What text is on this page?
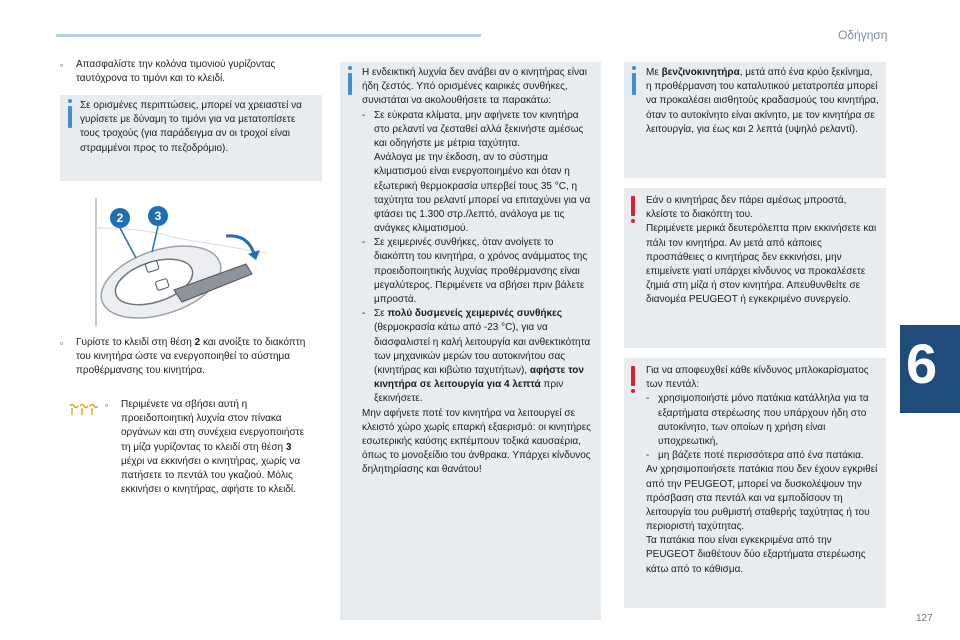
Οδήγηση
6
127
▫	Απασφαλίστε την κολόνα τιμονιού γυρίζοντας ταυτόχρονα το τιμόνι και το κλειδί.
Σε ορισμένες περιπτώσεις, μπορεί να χρειαστεί να γυρίσετε με δύναμη το τιμόνι για να μετατοπίσετε τους τροχούς (για παράδειγμα αν οι τροχοί είναι στραμμένοι προς το πεζοδρόμιο).
2	3
▫	Γυρίστε το κλειδί στη θέση 2 και ανοίξτε το διακόπτη του κινητήρα ώστε να ενεργοποιηθεί το σύστημα προθέρμανσης του κινητήρα.
▫	Περιμένετε να σβήσει αυτή η προειδοποιητική λυχνία στον πίνακα οργάνων και στη συνέχεια ενεργοποιήστε τη μίζα γυρίζοντας το κλειδί στη θέση 3 μέχρι να εκκινήσει ο κινητήρας, χωρίς να πατήσετε το πεντάλ του γκαζιού. Μόλις εκκινήσει ο κινητήρας, αφήστε το κλειδί.
Η ενδεικτική λυχνία δεν ανάβει αν ο κινητήρας είναι ήδη ζεστός. Υπό ορισμένες καιρικές συνθήκες, συνιστάται να ακολουθήσετε τα παρακάτω:
- Σε εύκρατα κλίματα, μην αφήνετε τον κινητήρα στο ρελαντί να ζεσταθεί αλλά ξεκινήστε αμέσως και οδηγήστε με μέτρια ταχύτητα.
Ανάλογα με την έκδοση, αν το σύστημα κλιματισμού είναι ενεργοποιημένο και όταν η εξωτερική θερμοκρασία υπερβεί τους 35 °C, η ταχύτητα του ρελαντί μπορεί να επιταχύνει για να φτάσει τις 1.300 στρ./λεπτό, ανάλογα με τις ανάγκες κλιματισμού.
- Σε χειμερινές συνθήκες, όταν ανοίγετε το διακόπτη του κινητήρα, ο χρόνος ανάμματος της προειδοποιητικής λυχνίας προθέρμανσης είναι μεγαλύτερος. Περιμένετε να σβήσει πριν βάλετε μπροστά.
- Σε πολύ δυσμενείς χειμερινές συνθήκες (θερμοκρασία κάτω από -23 °C), για να διασφαλιστεί η καλή λειτουργία και ανθεκτικότητα των μηχανικών μερών του αυτοκινήτου σας (κινητήρας και κιβώτιο ταχυτήτων), αφήστε τον κινητήρα σε λειτουργία για 4 λεπτά πριν ξεκινήσετε.
Μην αφήνετε ποτέ τον κινητήρα να λειτουργεί σε κλειστό χώρο χωρίς επαρκή εξαερισμό: οι κινητήρες εσωτερικής καύσης εκπέμπουν τοξικά καυσαέρια, όπως το μονοξείδιο του άνθρακα. Υπάρχει κίνδυνος δηλητηρίασης και θανάτου!
Με βενζινοκινητήρα, μετά από ένα κρύο ξεκίνημα, η προθέρμανση του καταλυτικού μετατροπέα μπορεί να προκαλέσει αισθητούς κραδασμούς του κινητήρα, όταν το αυτοκίνητο είναι ακίνητο, με τον κινητήρα σε λειτουργία, για έως και 2 λεπτά (υψηλό ρελαντί).
Εάν ο κινητήρας δεν πάρει αμέσως μπροστά, κλείστε το διακόπτη του.
Περιμένετε μερικά δευτερόλεπτα πριν εκκινήσετε και πάλι τον κινητήρα. Αν μετά από κάποιες προσπάθειες ο κινητήρας δεν εκκινήσει, μην επιμείνετε γιατί υπάρχει κίνδυνος να προκαλέσετε ζημιά στη μίζα ή στον κινητήρα. Απευθυνθείτε σε διανομέα PEUGEOT ή εγκεκριμένο συνεργείο.
Για να αποφευχθεί κάθε κίνδυνος μπλοκαρίσματος των πεντάλ:
- χρησιμοποιήστε μόνο πατάκια κατάλληλα για τα εξαρτήματα στερέωσης που υπάρχουν ήδη στο αυτοκίνητο, των οποίων η χρήση είναι υποχρεωτική,
- μη βάζετε ποτέ περισσότερα από ένα πατάκια.
Αν χρησιμοποιήσετε πατάκια που δεν έχουν εγκριθεί από την PEUGEOT, μπορεί να δυσκολέψουν την πρόσβαση στα πεντάλ και να εμποδίσουν τη λειτουργία του ρυθμιστή σταθερής ταχύτητας ή του περιοριστή ταχύτητας.
Τα πατάκια που είναι εγκεκριμένα από την PEUGEOT διαθέτουν δύο εξαρτήματα στερέωσης κάτω από το κάθισμα.
